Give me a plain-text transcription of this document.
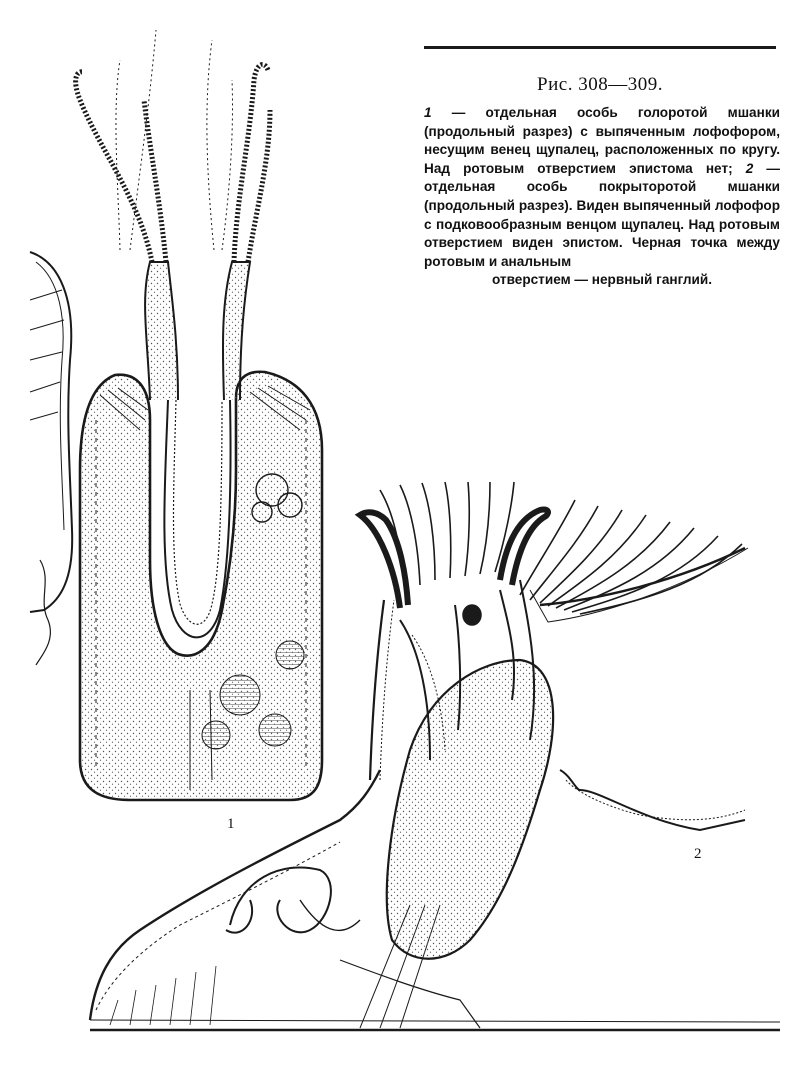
Рис. 308—309.
1 — отдельная особь голоротой мшанки (продольный разрез) с выпяченным лофофором, несущим венец щупалец, расположенных по кругу. Над ротовым отверстием эпистома нет; 2 — отдельная особь покрыторотой мшанки (продольный разрез). Виден выпяченный лофофор с подковообразным венцом щупалец. Над ротовым отверстием виден эпистом. Черная точка между ротовым и анальным
отверстием — нервный ганглий.
1
2
